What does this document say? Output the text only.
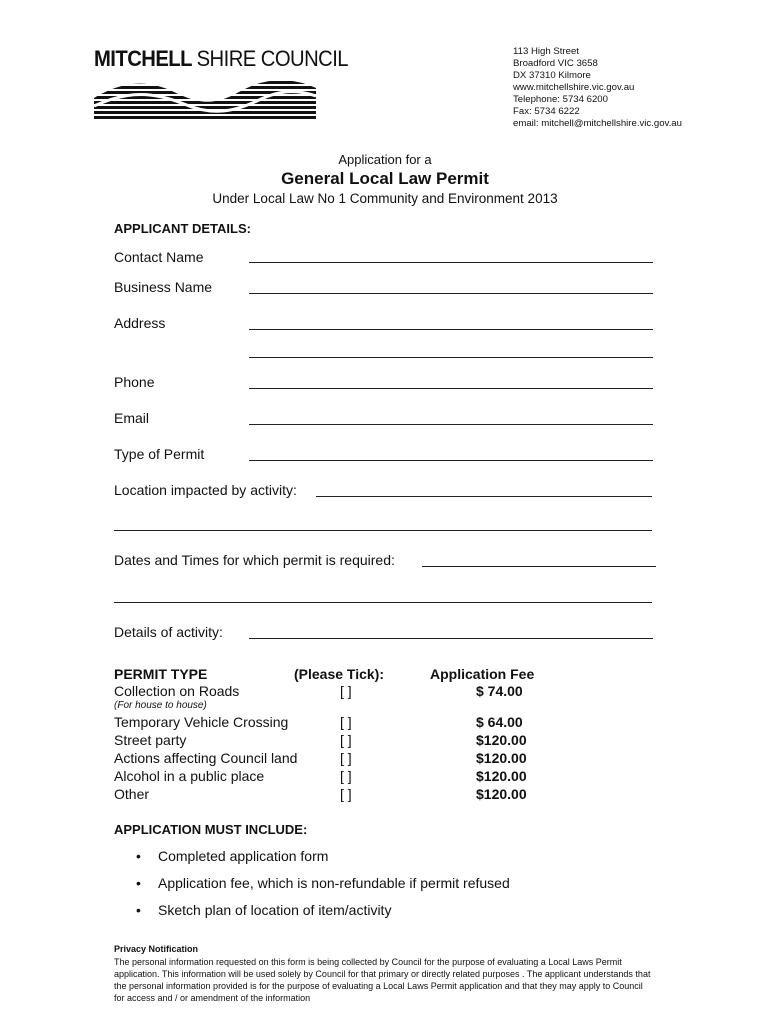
MITCHELL SHIRE COUNCIL	113 High Street
Broadford VIC 3658
DX 37310 Kilmore
www.mitchellshire.vic.gov.au
Telephone: 5734 6200
Fax: 5734 6222
email: mitchell@mitchellshire.vic.gov.au
Application for a
General Local Law Permit
Under Local Law No 1 Community and Environment 2013
APPLICANT DETAILS:
Contact Name
Business Name
Address
Phone
Email
Type of Permit
Location impacted by activity:
Dates and Times for which permit is required:
Details of activity:
PERMIT TYPE	(Please Tick):	Application Fee
Collection on Roads	[ ]	$ 74.00
(For house to house)
Temporary Vehicle Crossing	[ ]	$ 64.00
Street party	[ ]	$120.00
Actions affecting Council land	[ ]	$120.00
Alcohol in a public place	[ ]	$120.00
Other	[ ]	$120.00
APPLICATION MUST INCLUDE:
• Completed application form
• Application fee, which is non-refundable if permit refused
• Sketch plan of location of item/activity
Privacy Notification
The personal information requested on this form is being collected by Council for the purpose of evaluating a Local Laws Permit application. This information will be used solely by Council for that primary or directly related purposes . The applicant understands that the personal information provided is for the purpose of evaluating a Local Laws Permit application and that they may apply to Council for access and / or amendment of the information
